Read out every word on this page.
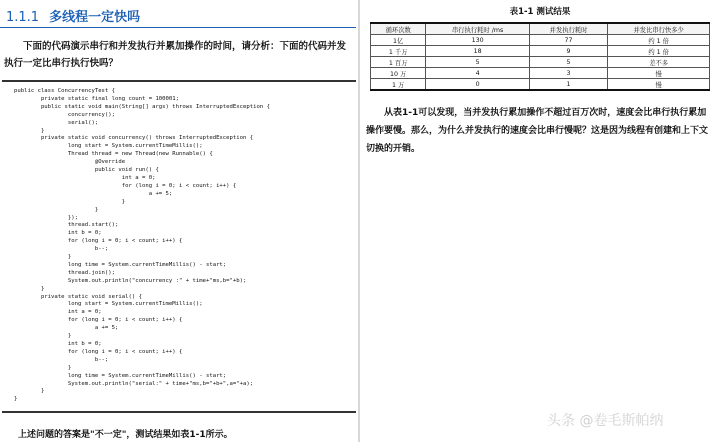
1.1.1 多线程一定快吗
下面的代码演示串行和并发执行并累加操作的时间，请分析：下面的代码并发执行一定比串行执行快吗？
public class ConcurrencyTest {
private static final long count = 100001;
public static void main(String[] args) throws InterruptedException {
concurrency();
serial();
}
private static void concurrency() throws InterruptedException {
long start = System.currentTimeMillis();
Thread thread = new Thread(new Runnable() {
@Override
public void run() {
int a = 0;
for (long i = 0; i < count; i++) {
a += 5;
}
}
});
thread.start();
int b = 0;
for (long i = 0; i < count; i++) {
b--;
}
long time = System.currentTimeMillis() - start;
thread.join();
System.out.println("concurrency :" + time+"ms,b="+b);
}
private static void serial() {
long start = System.currentTimeMillis();
int a = 0;
for (long i = 0; i < count; i++) {
a += 5;
}
int b = 0;
for (long i = 0; i < count; i++) {
b--;
}
long time = System.currentTimeMillis() - start;
System.out.println("serial:" + time+"ms,b="+b+",a="+a);
}
}
上述问题的答案是"不一定"，测试结果如表1-1所示。
表1-1 测试结果
循环次数	串行执行耗时 /ms	并发执行耗时	并发比串行快多少
1亿	130	77	约 1 倍
1 千万	18	9	约 1 倍
1 百万	5	5	差不多
10 万	4	3	慢
1 万	0	1	慢
从表1-1可以发现，当并发执行累加操作不超过百万次时，速度会比串行执行累加操作要慢。那么，为什么并发执行的速度会比串行慢呢？这是因为线程有创建和上下文切换的开销。
头条 @卷毛斯帕纳
